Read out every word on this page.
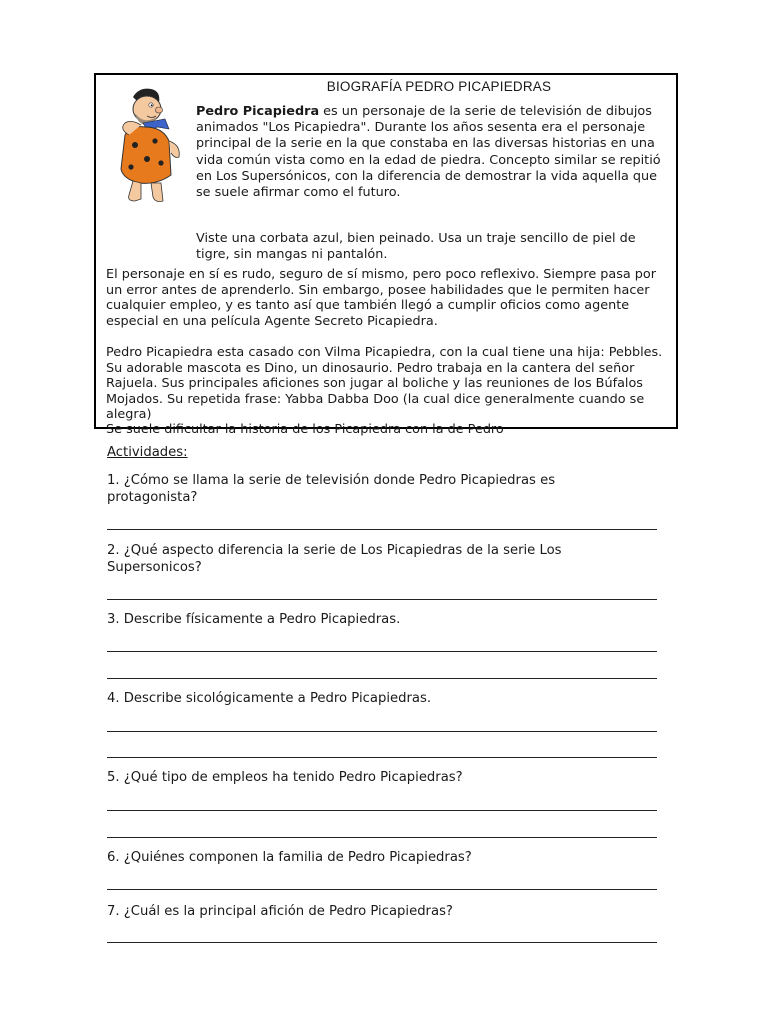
BIOGRAFÍA PEDRO PICAPIEDRAS

Pedro Picapiedra es un personaje de la serie de televisión de dibujos animados "Los Picapiedra". Durante los años sesenta era el personaje principal de la serie en la que constaba en las diversas historias en una vida común vista como en la edad de piedra. Concepto similar se repitió en Los Supersónicos, con la diferencia de demostrar la vida aquella que se suele afirmar como el futuro.

Viste una corbata azul, bien peinado. Usa un traje sencillo de piel de tigre, sin mangas ni pantalón.

El personaje en sí es rudo, seguro de sí mismo, pero poco reflexivo. Siempre pasa por un error antes de aprenderlo. Sin embargo, posee habilidades que le permiten hacer cualquier empleo, y es tanto así que también llegó a cumplir oficios como agente especial en una película Agente Secreto Picapiedra.

Pedro Picapiedra esta casado con Vilma Picapiedra, con la cual tiene una hija: Pebbles. Su adorable mascota es Dino, un dinosaurio. Pedro trabaja en la cantera del señor Rajuela. Sus principales aficiones son jugar al boliche y las reuniones de los Búfalos Mojados. Su repetida frase: Yabba Dabba Doo (la cual dice generalmente cuando se alegra)

Se suele dificultar la historia de los Picapiedra con la de Pedro

Actividades:
1. ¿Cómo se llama la serie de televisión donde Pedro Picapiedras es protagonista?
2. ¿Qué aspecto diferencia la serie de Los Picapiedras de la serie Los Supersonicos?
3. Describe físicamente a Pedro Picapiedras.
4. Describe sicológicamente a Pedro Picapiedras.
5. ¿Qué tipo de empleos ha tenido Pedro Picapiedras?
6. ¿Quiénes componen la familia de Pedro Picapiedras?
7. ¿Cuál es la principal afición de Pedro Picapiedras?
